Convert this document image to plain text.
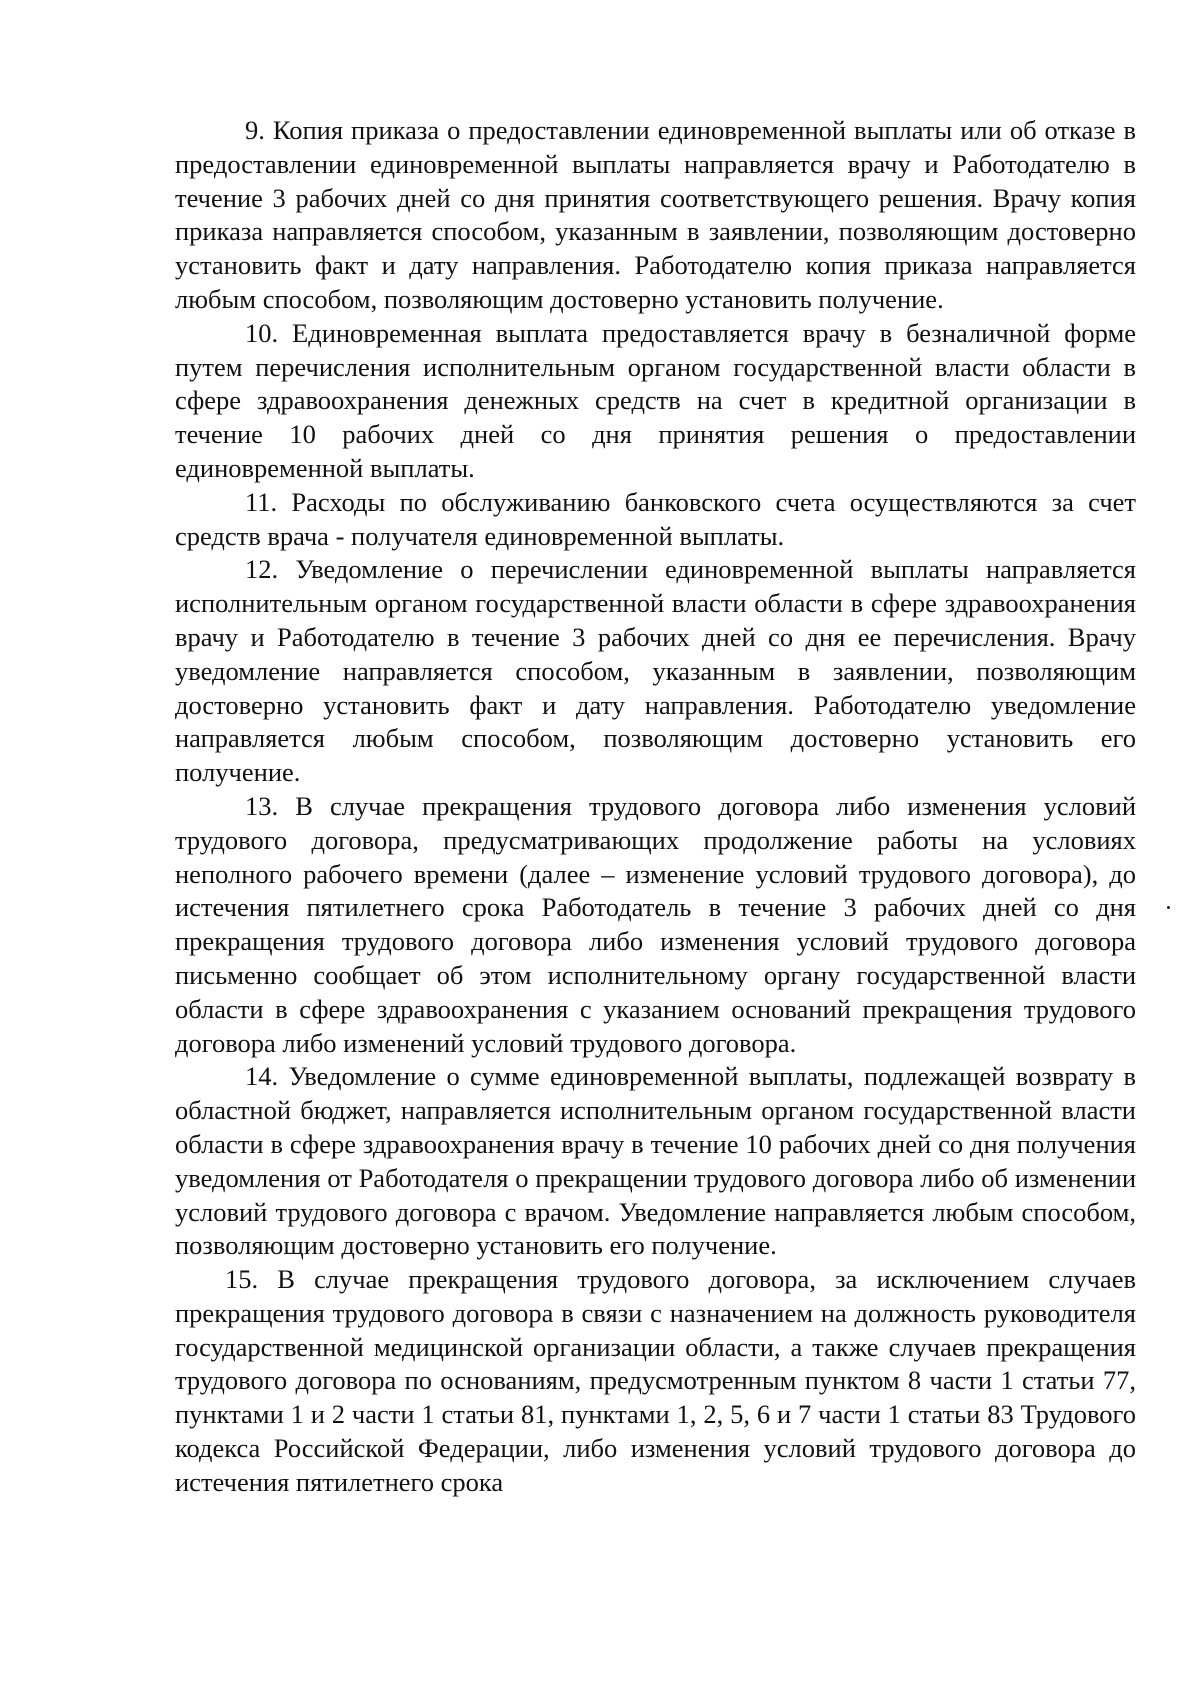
9. Копия приказа о предоставлении единовременной выплаты или об отказе в предоставлении единовременной выплаты направляется врачу и Работодателю в течение 3 рабочих дней со дня принятия соответствующего решения. Врачу копия приказа направляется способом, указанным в заявлении, позволяющим достоверно установить факт и дату направления. Работодателю копия приказа направляется любым способом, позволяющим достоверно установить получение.

10. Единовременная выплата предоставляется врачу в безналичной форме путем перечисления исполнительным органом государственной власти области в сфере здравоохранения денежных средств на счет в кредитной организации в течение 10 рабочих дней со дня принятия решения о предоставлении единовременной выплаты.

11. Расходы по обслуживанию банковского счета осуществляются за счет средств врача - получателя единовременной выплаты.

12. Уведомление о перечислении единовременной выплаты направляется исполнительным органом государственной власти области в сфере здравоохранения врачу и Работодателю в течение 3 рабочих дней со дня ее перечисления. Врачу уведомление направляется способом, указанным в заявлении, позволяющим достоверно установить факт и дату направления. Работодателю уведомление направляется любым способом, позволяющим достоверно установить его получение.

13. В случае прекращения трудового договора либо изменения условий трудового договора, предусматривающих продолжение работы на условиях неполного рабочего времени (далее – изменение условий трудового договора), до истечения пятилетнего срока Работодатель в течение 3 рабочих дней со дня прекращения трудового договора либо изменения условий трудового договора письменно сообщает об этом исполнительному органу государственной власти области в сфере здравоохранения с указанием оснований прекращения трудового договора либо изменений условий трудового договора.

14. Уведомление о сумме единовременной выплаты, подлежащей возврату в областной бюджет, направляется исполнительным органом государственной власти области в сфере здравоохранения врачу в течение 10 рабочих дней со дня получения уведомления от Работодателя о прекращении трудового договора либо об изменении условий трудового договора с врачом. Уведомление направляется любым способом, позволяющим достоверно установить его получение.

15. В случае прекращения трудового договора, за исключением случаев прекращения трудового договора в связи с назначением на должность руководителя государственной медицинской организации области, а также случаев прекращения трудового договора по основаниям, предусмотренным пунктом 8 части 1 статьи 77, пунктами 1 и 2 части 1 статьи 81, пунктами 1, 2, 5, 6 и 7 части 1 статьи 83 Трудового кодекса Российской Федерации, либо изменения условий трудового договора до истечения пятилетнего срока
